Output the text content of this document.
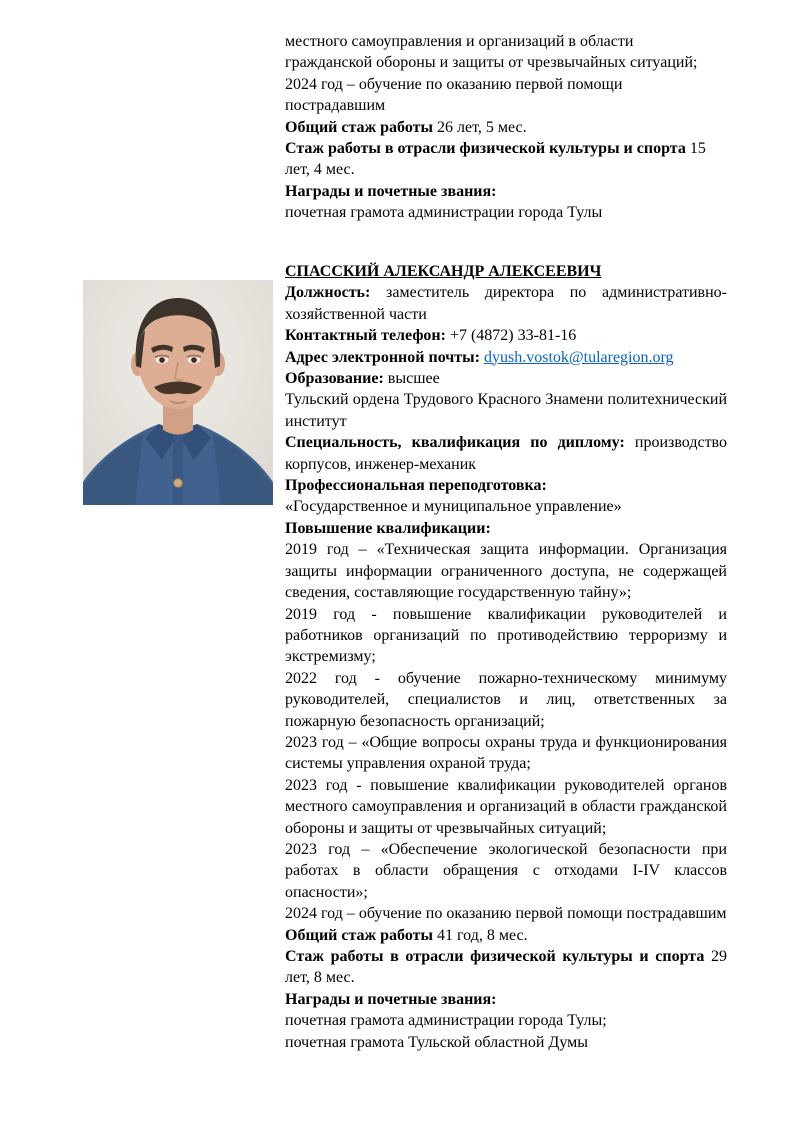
местного самоуправления и организаций в области
гражданской обороны и защиты от чрезвычайных ситуаций;
2024 год – обучение по оказанию первой помощи
пострадавшим

Общий стаж работы 26 лет, 5 мес.

Стаж работы в отрасли физической культуры и спорта 15 лет, 4 мес.

Награды и почетные звания:

почетная грамота администрации города Тулы

СПАССКИЙ АЛЕКСАНДР АЛЕКСЕЕВИЧ

Должность: заместитель директора по административно-хозяйственной части

Контактный телефон: +7 (4872) 33-81-16

Адрес электронной почты: dyush.vostok@tularegion.org

Образование: высшее

Тульский ордена Трудового Красного Знамени политехнический институт

Специальность, квалификация по диплому: производство корпусов, инженер-механик

Профессиональная переподготовка:

«Государственное и муниципальное управление»

Повышение квалификации:

2019 год – «Техническая защита информации. Организация защиты информации ограниченного доступа, не содержащей сведения, составляющие государственную тайну»;

2019 год - повышение квалификации руководителей и работников организаций по противодействию терроризму и экстремизму;

2022 год - обучение пожарно-техническому минимуму руководителей, специалистов и лиц, ответственных за пожарную безопасность организаций;

2023 год – «Общие вопросы охраны труда и функционирования системы управления охраной труда;

2023 год - повышение квалификации руководителей органов местного самоуправления и организаций в области гражданской обороны и защиты от чрезвычайных ситуаций;

2023 год – «Обеспечение экологической безопасности при работах в области обращения с отходами I-IV классов опасности»;

2024 год – обучение по оказанию первой помощи пострадавшим

Общий стаж работы 41 год, 8 мес.

Стаж работы в отрасли физической культуры и спорта 29 лет, 8 мес.

Награды и почетные звания:

почетная грамота администрации города Тулы;

почетная грамота Тульской областной Думы
